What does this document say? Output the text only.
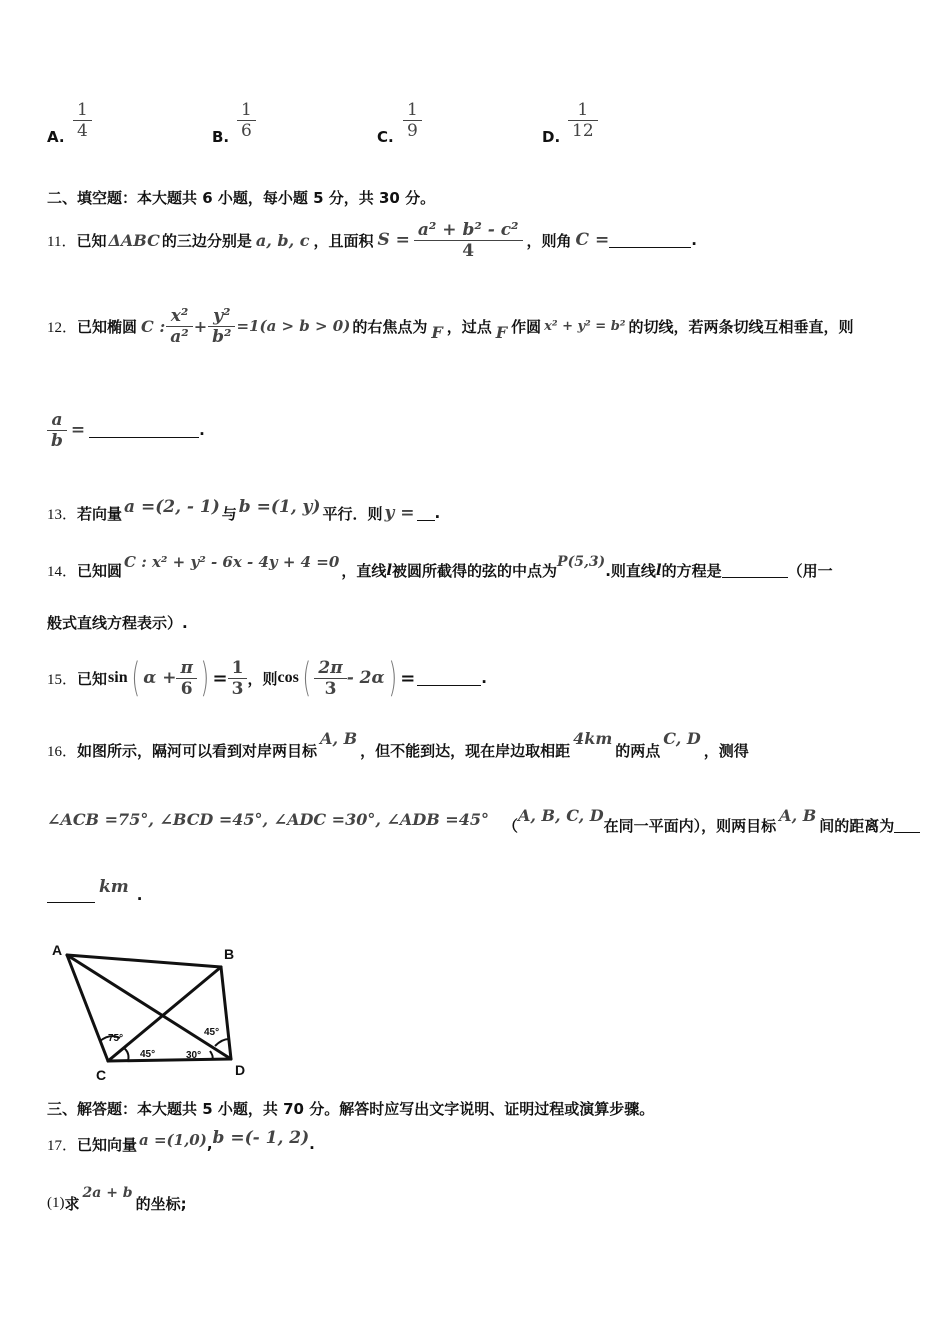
A. $\frac{1}{4}$	B. $\frac{1}{6}$	C. $\frac{1}{9}$	D. $\frac{1}{12}$
二、填空题：本大题共 6 小题，每小题 5 分，共 30 分。
11． 已知 ΔABC 的三边分别是 a, b, c ，且面积 $S = \frac{\text{a² + b² - c²}}{4}$ ，则角 C =	.
12． 已知椭圆 C : $\frac{\text{x²}}{\text{a²}} + \frac{\text{y²}}{\text{b²}} =1(a > b > 0)$ 的右焦点为 F ，过点 F 作圆 x² + y² = b² 的切线，若两条切线互相垂直，则
$\frac{a}{b}$ =	.
13． 若向量 a =(2, - 1) 与 b =(1, y) 平行．则 y = .
14． 已知圆 C : x² + y² - 6x - 4y + 4 =0 ，直线 l 被圆所截得的弦的中点为 P(5,3) .则直线 l 的方程是	（用一
般式直线方程表示）.
15． 已知 sin ( $\alpha + \frac{\pi}{6}$ ) = $\frac{1}{3}$ ，则 cos ( $\frac{2\pi}{3} - 2\alpha$ ) =	.
16． 如图所示，隔河可以看到对岸两目标
A, B
，但不能到达，现在岸边取相距
4km
的两点
C, D
，测得
∠ACB =75°, ∠BCD =45°, ∠ADC =30°, ∠ADB =45° （
A, B, C, D
在同一平面内），则两目标
A, B
间的距离为
km .
A	B
C	D
75°
45°	30°
45°
三、解答题：本大题共 5 小题，共 70 分。解答时应写出文字说明、证明过程或演算步骤。
17． 已知向量 a =(1,0) , b =(- 1, 2) .
(1) 求
2a + b
的坐标;
